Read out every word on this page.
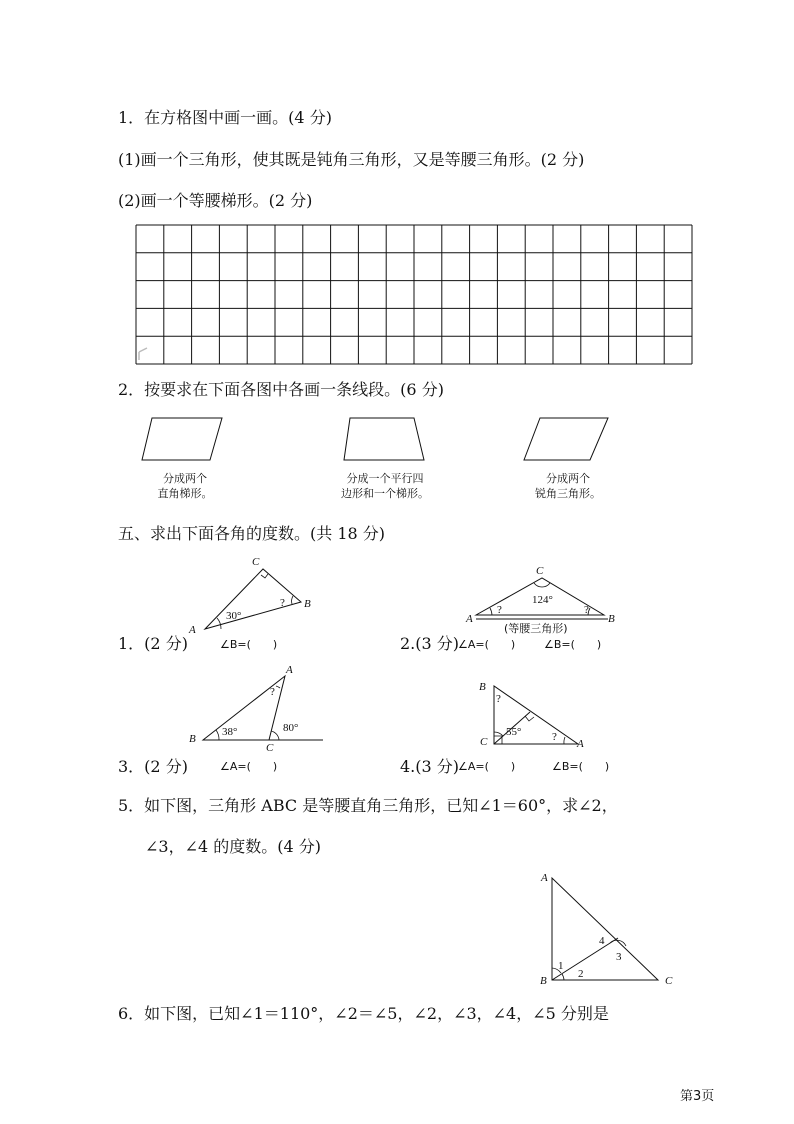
1．在方格图中画一画。(4 分)
(1)画一个三角形，使其既是钝角三角形，又是等腰三角形。(2 分)
(2)画一个等腰梯形。(2 分)
2．按要求在下面各图中各画一条线段。(6 分)
分成两个
直角梯形。
分成一个平行四
边形和一个梯形。
分成两个
锐角三角形。
五、求出下面各角的度数。(共 18 分)
C
A
B
30°
?
1．(2 分)	∠B=(　　)
C
A	B
124°
?	?
(等腰三角形)
2.(3 分)
∠A=(　　)	∠B=(　　)
A
B
C
38°	80°
?
3．(2 分)	∠A=(　　)
B
C	A
55°
?
?
4.(3 分)
∠A=(　　)	∠B=(　　)
5．如下图，三角形 ABC 是等腰直角三角形，已知∠1＝60°，求∠2，
∠3，∠4 的度数。(4 分)
A
B	C
1
2
3
4
6．如下图，已知∠1＝110°，∠2＝∠5，∠2，∠3，∠4，∠5 分别是
第3页
